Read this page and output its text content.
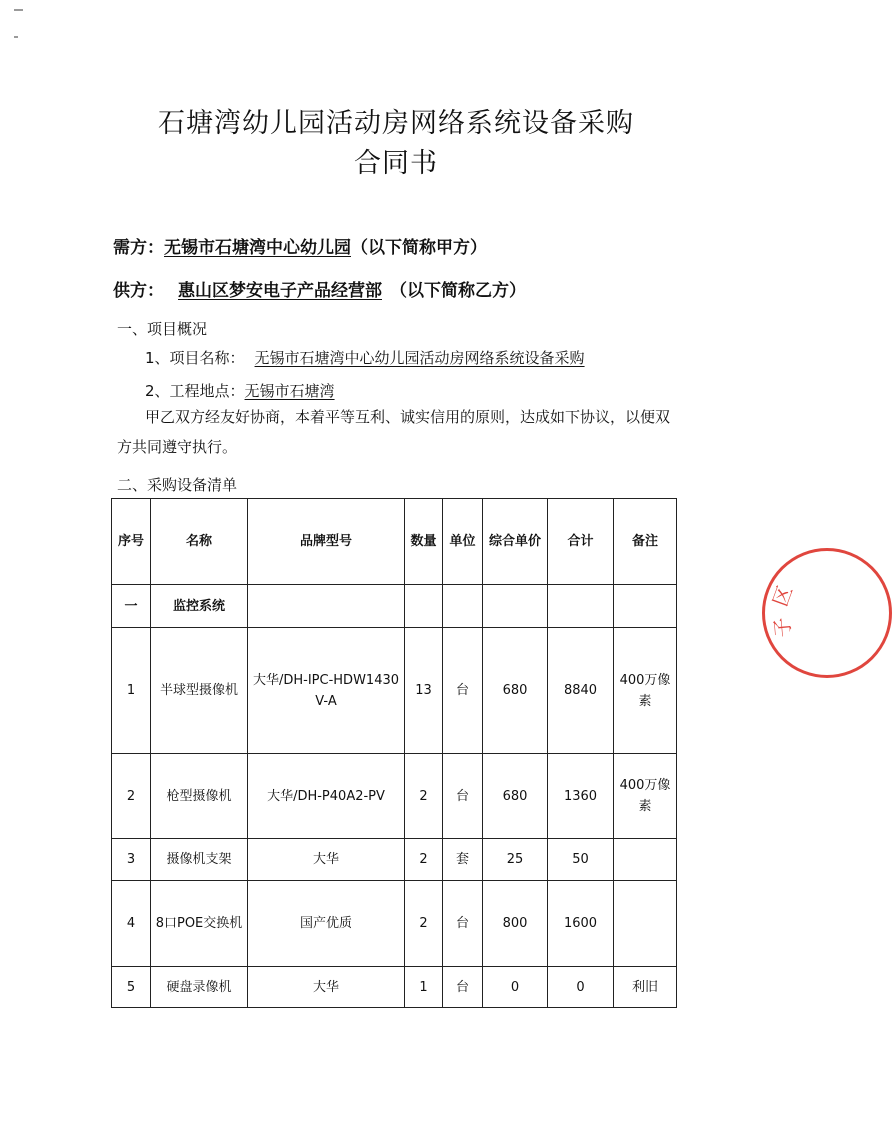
石塘湾幼儿园活动房网络系统设备采购
合同书
需方：无锡市石塘湾中心幼儿园（以下简称甲方）
供方： 惠山区梦安电子产品经营部 （以下简称乙方）
一、项目概况
1、项目名称： 无锡市石塘湾中心幼儿园活动房网络系统设备采购
2、工程地点：无锡市石塘湾
甲乙双方经友好协商，本着平等互利、诚实信用的原则，达成如下协议，以便双方共同遵守执行。
二、采购设备清单
序号	名称	品牌型号	数量	单位	综合单价	合计	备注
一	监控系统						
1	半球型摄像机	大华/DH-IPC-HDW1430V-A	13	台	680	8840	400万像素
2	枪型摄像机	大华/DH-P40A2-PV	2	台	680	1360	400万像素
3	摄像机支架	大华	2	套	25	50	
4	8口POE交换机	国产优质	2	台	800	1600	
5	硬盘录像机	大华	1	台	0	0	利旧
区
子
